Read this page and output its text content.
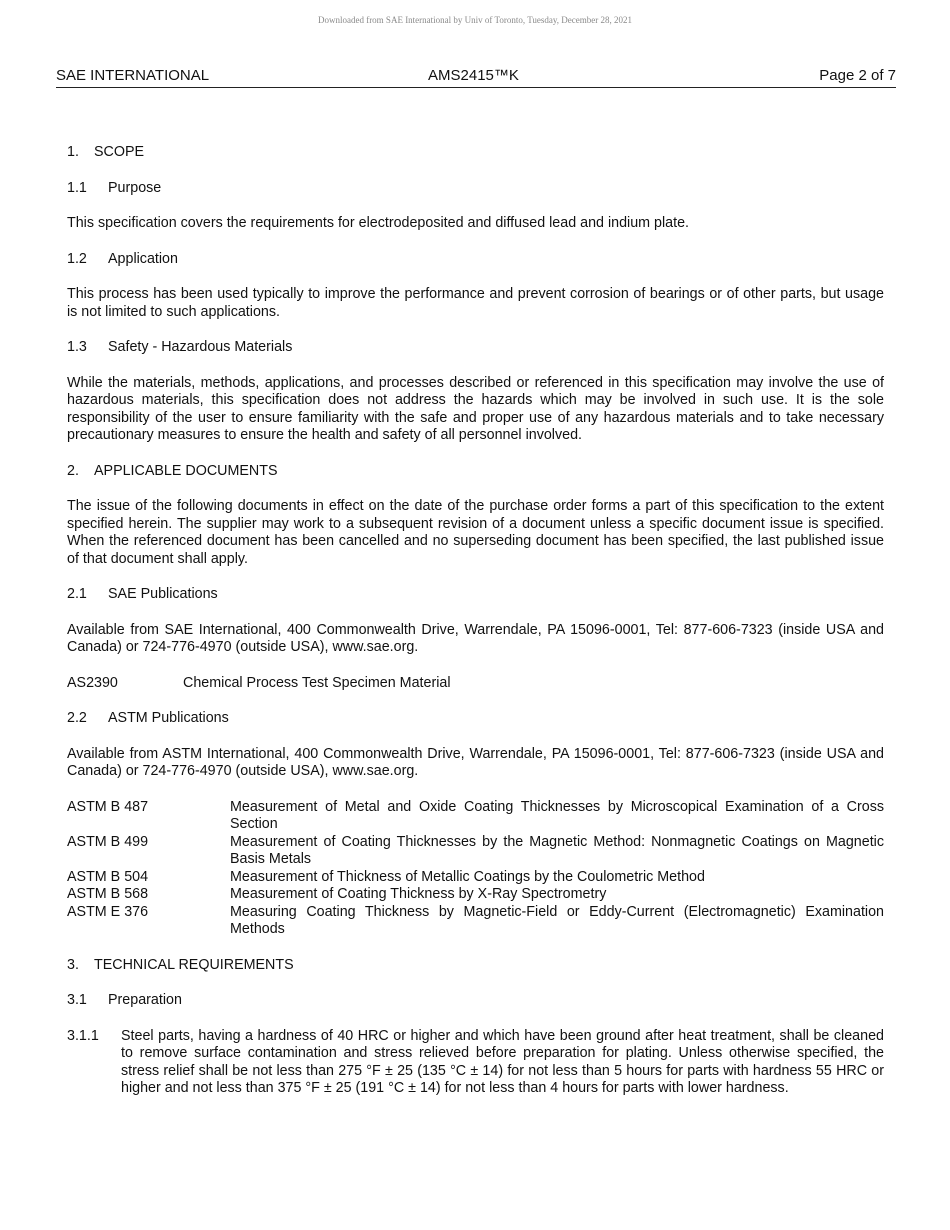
Downloaded from SAE International by Univ of Toronto, Tuesday, December 28, 2021
SAE INTERNATIONAL	AMS2415™K	Page 2 of 7
1. SCOPE
1.1 Purpose

This specification covers the requirements for electrodeposited and diffused lead and indium plate.

1.2 Application

This process has been used typically to improve the performance and prevent corrosion of bearings or of other parts, but usage is not limited to such applications.

1.3 Safety - Hazardous Materials

While the materials, methods, applications, and processes described or referenced in this specification may involve the use of hazardous materials, this specification does not address the hazards which may be involved in such use. It is the sole responsibility of the user to ensure familiarity with the safe and proper use of any hazardous materials and to take necessary precautionary measures to ensure the health and safety of all personnel involved.

2. APPLICABLE DOCUMENTS

The issue of the following documents in effect on the date of the purchase order forms a part of this specification to the extent specified herein. The supplier may work to a subsequent revision of a document unless a specific document issue is specified. When the referenced document has been cancelled and no superseding document has been specified, the last published issue of that document shall apply.

2.1 SAE Publications

Available from SAE International, 400 Commonwealth Drive, Warrendale, PA 15096-0001, Tel: 877-606-7323 (inside USA and Canada) or 724-776-4970 (outside USA), www.sae.org.

AS2390	Chemical Process Test Specimen Material
2.2 ASTM Publications

Available from ASTM International, 400 Commonwealth Drive, Warrendale, PA 15096-0001, Tel: 877-606-7323 (inside USA and Canada) or 724-776-4970 (outside USA), www.sae.org.

ASTM B 487	Measurement of Metal and Oxide Coating Thicknesses by Microscopical Examination of a Cross Section
ASTM B 499	Measurement of Coating Thicknesses by the Magnetic Method: Nonmagnetic Coatings on Magnetic Basis Metals
ASTM B 504	Measurement of Thickness of Metallic Coatings by the Coulometric Method
ASTM B 568	Measurement of Coating Thickness by X-Ray Spectrometry
ASTM E 376	Measuring Coating Thickness by Magnetic-Field or Eddy-Current (Electromagnetic) Examination Methods
3. TECHNICAL REQUIREMENTS
3.1 Preparation
3.1.1	Steel parts, having a hardness of 40 HRC or higher and which have been ground after heat treatment, shall be cleaned to remove surface contamination and stress relieved before preparation for plating. Unless otherwise specified, the stress relief shall be not less than 275 °F ± 25 (135 °C ± 14) for not less than 5 hours for parts with hardness 55 HRC or higher and not less than 375 °F ± 25 (191 °C ± 14) for not less than 4 hours for parts with lower hardness.
